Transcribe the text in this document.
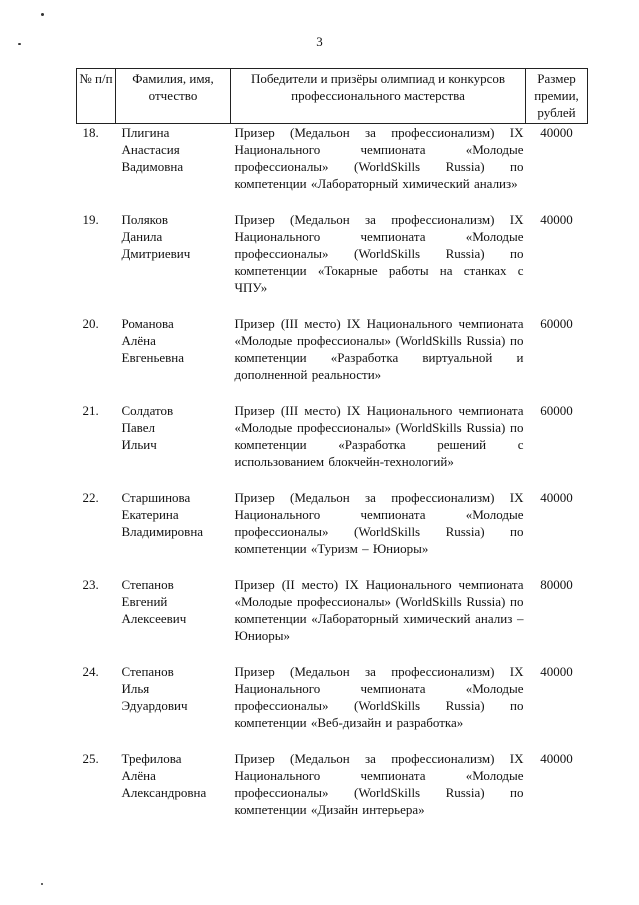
3
№ п/п	Фамилия, имя, отчество	Победители и призёры олимпиад и конкурсов профессионального мастерства	Размер премии, рублей
18.	Плигина
Анастасия
Вадимовна	Призер (Медальон за профессионализм) IX Национального чемпионата «Молодые профессионалы» (WorldSkills Russia) по компетенции «Лабораторный химический анализ»	40000
19.	Поляков
Данила
Дмитриевич	Призер (Медальон за профессионализм) IX Национального чемпионата «Молодые профессионалы» (WorldSkills Russia) по компетенции «Токарные работы на станках с ЧПУ»	40000
20.	Романова
Алёна
Евгеньевна	Призер (III место) IX Национального чемпионата «Молодые профессионалы» (WorldSkills Russia) по компетенции «Разработка виртуальной и дополненной реальности»	60000
21.	Солдатов
Павел
Ильич	Призер (III место) IX Национального чемпионата «Молодые профессионалы» (WorldSkills Russia) по компетенции «Разработка решений с использованием блокчейн-технологий»	60000
22.	Старшинова
Екатерина
Владимировна	Призер (Медальон за профессионализм) IX Национального чемпионата «Молодые профессионалы» (WorldSkills Russia) по компетенции «Туризм – Юниоры»	40000
23.	Степанов
Евгений
Алексеевич	Призер (II место) IX Национального чемпионата «Молодые профессионалы» (WorldSkills Russia) по компетенции «Лабораторный химический анализ – Юниоры»	80000
24.	Степанов
Илья
Эдуардович	Призер (Медальон за профессионализм) IX Национального чемпионата «Молодые профессионалы» (WorldSkills Russia) по компетенции «Веб-дизайн и разработка»	40000
25.	Трефилова
Алёна
Александровна	Призер (Медальон за профессионализм) IX Национального чемпионата «Молодые профессионалы» (WorldSkills Russia) по компетенции «Дизайн интерьера»	40000
